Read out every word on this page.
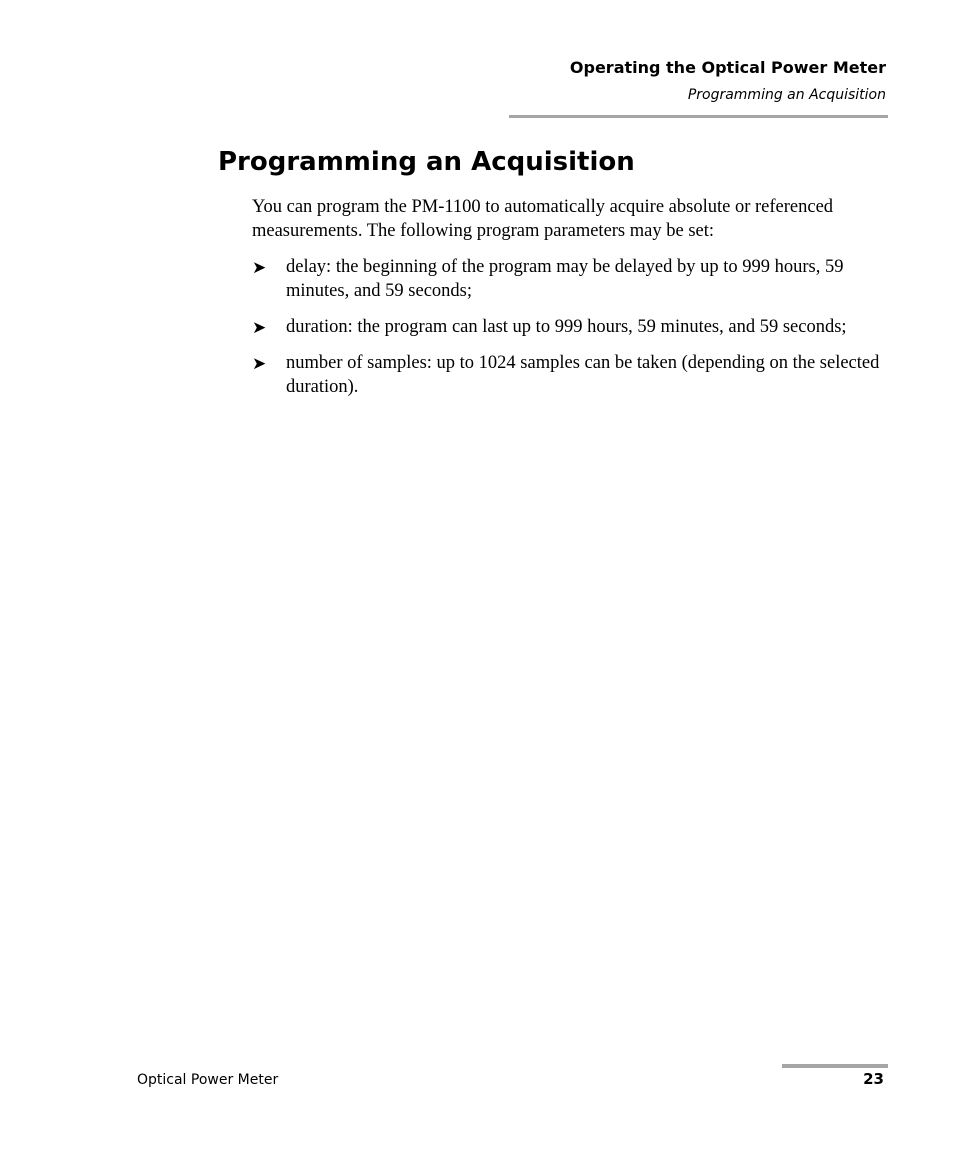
Operating the Optical Power Meter
Programming an Acquisition
Programming an Acquisition

You can program the PM-1100 to automatically acquire absolute or referenced measurements. The following program parameters may be set:

➤ delay: the beginning of the program may be delayed by up to 999 hours, 59 minutes, and 59 seconds;
➤ duration: the program can last up to 999 hours, 59 minutes, and 59 seconds;
➤ number of samples: up to 1024 samples can be taken (depending on the selected duration).
Optical Power Meter	23
